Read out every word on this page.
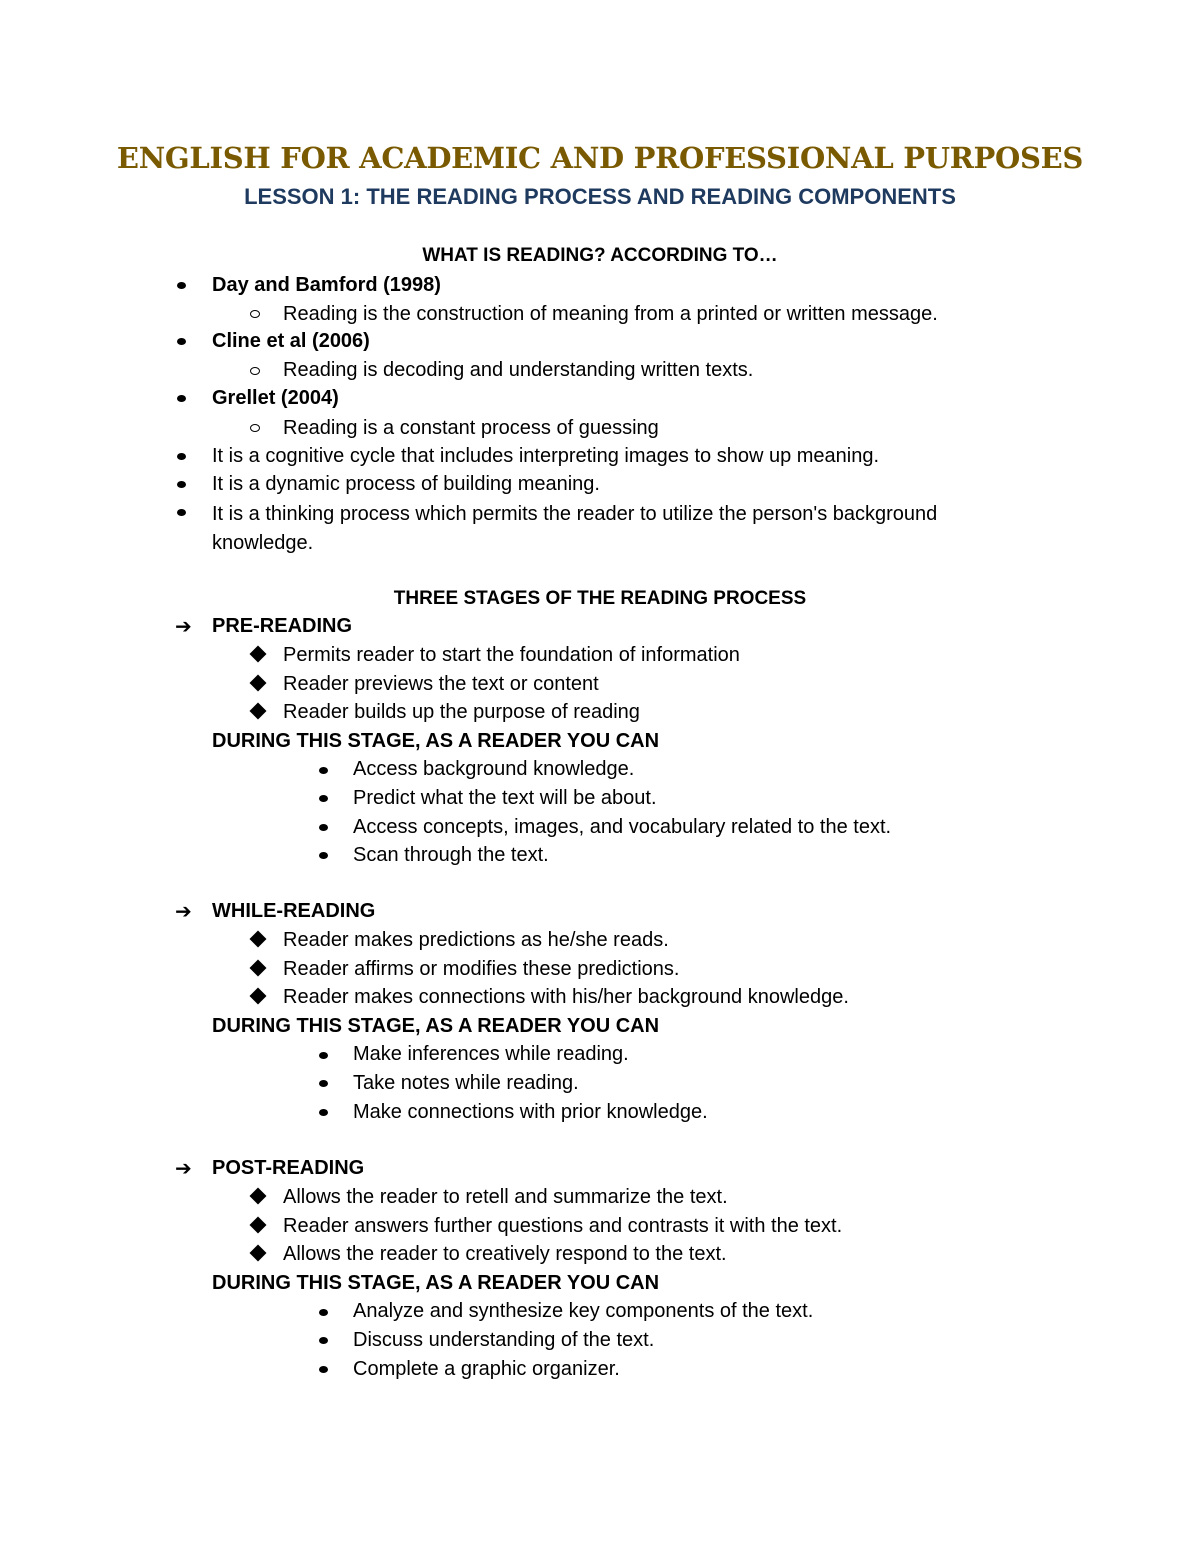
ENGLISH FOR ACADEMIC AND PROFESSIONAL PURPOSES
LESSON 1: THE READING PROCESS AND READING COMPONENTS
WHAT IS READING? ACCORDING TO…
Day and Bamford (1998)
Reading is the construction of meaning from a printed or written message.
Cline et al (2006)
Reading is decoding and understanding written texts.
Grellet (2004)
Reading is a constant process of guessing
It is a cognitive cycle that includes interpreting images to show up meaning.
It is a dynamic process of building meaning.
It is a thinking process which permits the reader to utilize the person's background knowledge.
THREE STAGES OF THE READING PROCESS
➔ PRE-READING
Permits reader to start the foundation of information
Reader previews the text or content
Reader builds up the purpose of reading
DURING THIS STAGE, AS A READER YOU CAN
Access background knowledge.
Predict what the text will be about.
Access concepts, images, and vocabulary related to the text.
Scan through the text.
➔ WHILE-READING
Reader makes predictions as he/she reads.
Reader affirms or modifies these predictions.
Reader makes connections with his/her background knowledge.
DURING THIS STAGE, AS A READER YOU CAN
Make inferences while reading.
Take notes while reading.
Make connections with prior knowledge.
➔ POST-READING
Allows the reader to retell and summarize the text.
Reader answers further questions and contrasts it with the text.
Allows the reader to creatively respond to the text.
DURING THIS STAGE, AS A READER YOU CAN
Analyze and synthesize key components of the text.
Discuss understanding of the text.
Complete a graphic organizer.
